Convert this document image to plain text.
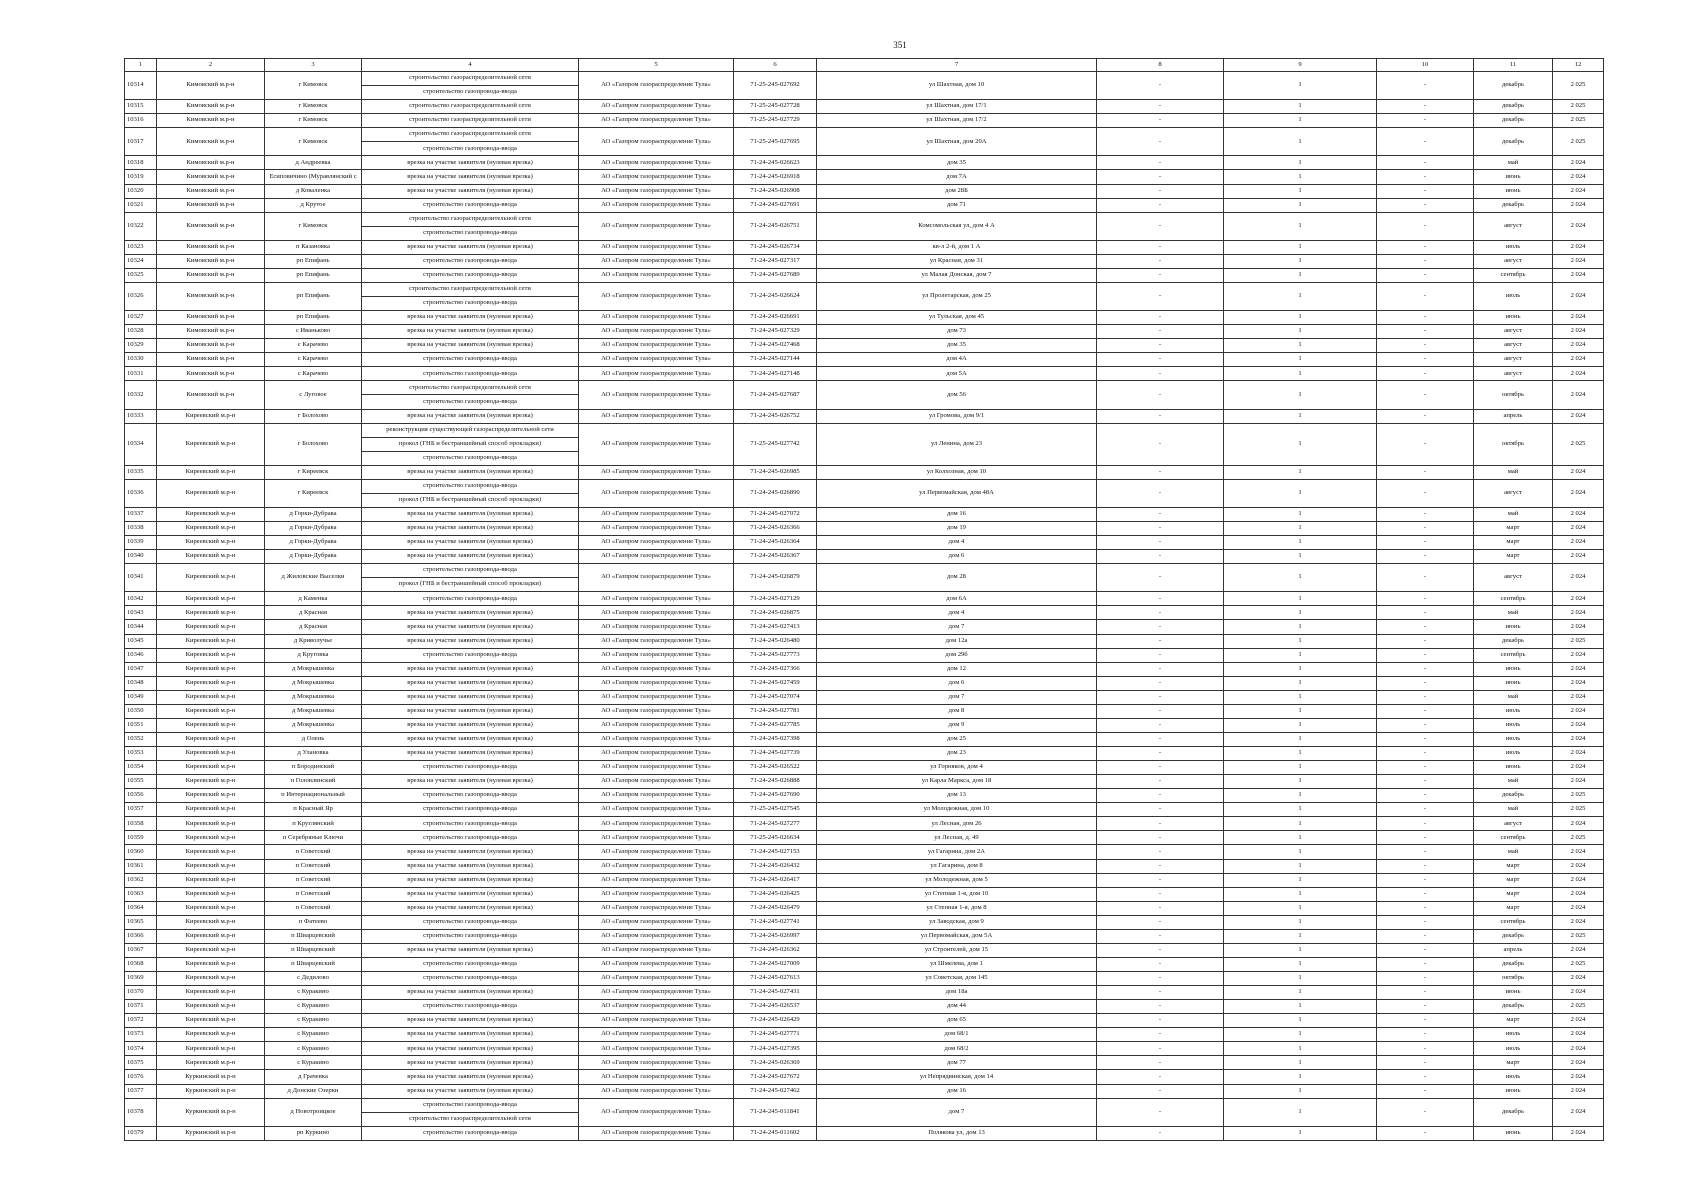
351
1	2	3	4	5	6	7	8	9	10	11	12
10314	Кимовский м.р-н	г Кимовск	строительство газораспределительной сети	АО «Газпром газораспределение Тула»	71-25-245-027692	ул Шахтная, дом 10	-	1	-	декабрь	2 025
			строительство газопровода-ввода								
10315	Кимовский м.р-н	г Кимовск	строительство газораспределительной сети	АО «Газпром газораспределение Тула»	71-25-245-027728	ул Шахтная, дом 17/1	-	1	-	декабрь	2 025
10316	Кимовский м.р-н	г Кимовск	строительство газораспределительной сети	АО «Газпром газораспределение Тула»	71-25-245-027729	ул Шахтная, дом 17/2	-	1	-	декабрь	2 025
10317	Кимовский м.р-н	г Кимовск	строительство газораспределительной сети	АО «Газпром газораспределение Тула»	71-25-245-027695	ул Шахтная, дом 20А	-	1	-	декабрь	2 025
			строительство газопровода-ввода								
10318	Кимовский м.р-н	д Андреевка	врезка на участке заявителя (нулевая врезка)	АО «Газпром газораспределение Тула»	71-24-245-026623	дом 35	-	1	-	май	2 024
10319	Кимовский м.р-н	Есиповичино (Муравлянский с	врезка на участке заявителя (нулевая врезка)	АО «Газпром газораспределение Тула»	71-24-245-026918	дом 7А	-	1	-	июнь	2 024
10320	Кимовский м.р-н	д Коваленка	врезка на участке заявителя (нулевая врезка)	АО «Газпром газораспределение Тула»	71-24-245-026908	дом 28Б	-	1	-	июнь	2 024
10321	Кимовский м.р-н	д Крутое	строительство газопровода-ввода	АО «Газпром газораспределение Тула»	71-24-245-027691	дом 71	-	1	-	декабрь	2 024
10322	Кимовский м.р-н	г Кимовск	строительство газораспределительной сети	АО «Газпром газораспределение Тула»	71-24-245-026751	Комсомольская ул, дом 4 А	-	1	-	август	2 024
			строительство газопровода-ввода								
10323	Кимовский м.р-н	п Казановка	врезка на участке заявителя (нулевая врезка)	АО «Газпром газораспределение Тула»	71-24-245-026734	кв-л 2-й, дом 1 А	-	1	-	июль	2 024
10324	Кимовский м.р-н	рп Епифань	строительство газопровода-ввода	АО «Газпром газораспределение Тула»	71-24-245-027317	ул Красная, дом 31	-	1	-	август	2 024
10325	Кимовский м.р-н	рп Епифань	строительство газопровода-ввода	АО «Газпром газораспределение Тула»	71-24-245-027689	ул Малая Донская, дом 7	-	1	-	сентябрь	2 024
10326	Кимовский м.р-н	рп Епифань	строительство газораспределительной сети	АО «Газпром газораспределение Тула»	71-24-245-026624	ул Пролетарская, дом 25	-	1	-	июль	2 024
			строительство газопровода-ввода								
10327	Кимовский м.р-н	рп Епифань	врезка на участке заявителя (нулевая врезка)	АО «Газпром газораспределение Тула»	71-24-245-026691	ул Тульская, дом 45	-	1	-	июнь	2 024
10328	Кимовский м.р-н	с Иваньково	врезка на участке заявителя (нулевая врезка)	АО «Газпром газораспределение Тула»	71-24-245-027329	дом 73	-	1	-	август	2 024
10329	Кимовский м.р-н	с Карачево	врезка на участке заявителя (нулевая врезка)	АО «Газпром газораспределение Тула»	71-24-245-027468	дом 35	-	1	-	август	2 024
10330	Кимовский м.р-н	с Карачево	строительство газопровода-ввода	АО «Газпром газораспределение Тула»	71-24-245-027144	дом 4А	-	1	-	август	2 024
10331	Кимовский м.р-н	с Карачево	строительство газопровода-ввода	АО «Газпром газораспределение Тула»	71-24-245-027148	дом 5А	-	1	-	август	2 024
10332	Кимовский м.р-н	с Луговое	строительство газораспределительной сети	АО «Газпром газораспределение Тула»	71-24-245-027687	дом 56	-	1	-	октябрь	2 024
			строительство газопровода-ввода								
10333	Киреевский м.р-н	г Болохово	врезка на участке заявителя (нулевая врезка)	АО «Газпром газораспределение Тула»	71-24-245-026752	ул Громова, дом 9/1	-	1	-	апрель	2 024
10334	Киреевский м.р-н	г Болохово	реконструкция существующей газораспределительной сети	АО «Газпром газораспределение Тула»	71-25-245-027742	ул Ленина, дом 23	-	1	-	октябрь	2 025
			прокол (ГНБ и бестраншейный способ прокладки)								
			строительство газопровода-ввода								
10335	Киреевский м.р-н	г Киреевск	врезка на участке заявителя (нулевая врезка)	АО «Газпром газораспределение Тула»	71-24-245-026985	ул Колхозная, дом 10	-	1	-	май	2 024
10336	Киреевский м.р-н	г Киреевск	строительство газопровода-ввода	АО «Газпром газораспределение Тула»	71-24-245-026890	ул Первомайская, дом 48А	-	1	-	август	2 024
			прокол (ГНБ и бестраншейный способ прокладки)								
10337	Киреевский м.р-н	д Горки-Дубрава	врезка на участке заявителя (нулевая врезка)	АО «Газпром газораспределение Тула»	71-24-245-027072	дом 16	-	1	-	май	2 024
10338	Киреевский м.р-н	д Горки-Дубрава	врезка на участке заявителя (нулевая врезка)	АО «Газпром газораспределение Тула»	71-24-245-026366	дом 19	-	1	-	март	2 024
10339	Киреевский м.р-н	д Горки-Дубрава	врезка на участке заявителя (нулевая врезка)	АО «Газпром газораспределение Тула»	71-24-245-026364	дом 4	-	1	-	март	2 024
10340	Киреевский м.р-н	д Горки-Дубрава	врезка на участке заявителя (нулевая врезка)	АО «Газпром газораспределение Тула»	71-24-245-026367	дом 6	-	1	-	март	2 024
10341	Киреевский м.р-н	д Жиловские Выселки	строительство газопровода-ввода	АО «Газпром газораспределение Тула»	71-24-245-026879	дом 28	-	1	-	август	2 024
			прокол (ГНБ и бестраншейный способ прокладки)								
10342	Киреевский м.р-н	д Каменка	строительство газопровода-ввода	АО «Газпром газораспределение Тула»	71-24-245-027129	дом 6А	-	1	-	сентябрь	2 024
10343	Киреевский м.р-н	д Красная	врезка на участке заявителя (нулевая врезка)	АО «Газпром газораспределение Тула»	71-24-245-026875	дом 4	-	1	-	май	2 024
10344	Киреевский м.р-н	д Красная	врезка на участке заявителя (нулевая врезка)	АО «Газпром газораспределение Тула»	71-24-245-027413	дом 7	-	1	-	июнь	2 024
10345	Киреевский м.р-н	д Криволучье	врезка на участке заявителя (нулевая врезка)	АО «Газпром газораспределение Тула»	71-24-245-026480	дом 12а	-	1	-	декабрь	2 025
10346	Киреевский м.р-н	д Круговка	строительство газопровода-ввода	АО «Газпром газораспределение Тула»	71-24-245-027773	дом 29б	-	1	-	сентябрь	2 024
10347	Киреевский м.р-н	д Мокрышевка	врезка на участке заявителя (нулевая врезка)	АО «Газпром газораспределение Тула»	71-24-245-027366	дом 12	-	1	-	июнь	2 024
10348	Киреевский м.р-н	д Мокрышевка	врезка на участке заявителя (нулевая врезка)	АО «Газпром газораспределение Тула»	71-24-245-027459	дом 6	-	1	-	июнь	2 024
10349	Киреевский м.р-н	д Мокрышевка	врезка на участке заявителя (нулевая врезка)	АО «Газпром газораспределение Тула»	71-24-245-027074	дом 7	-	1	-	май	2 024
10350	Киреевский м.р-н	д Мокрышевка	врезка на участке заявителя (нулевая врезка)	АО «Газпром газораспределение Тула»	71-24-245-027781	дом 8	-	1	-	июль	2 024
10351	Киреевский м.р-н	д Мокрышевка	врезка на участке заявителя (нулевая врезка)	АО «Газпром газораспределение Тула»	71-24-245-027785	дом 9	-	1	-	июль	2 024
10352	Киреевский м.р-н	д Олень	врезка на участке заявителя (нулевая врезка)	АО «Газпром газораспределение Тула»	71-24-245-027398	дом 25	-	1	-	июль	2 024
10353	Киреевский м.р-н	д Улановка	врезка на участке заявителя (нулевая врезка)	АО «Газпром газораспределение Тула»	71-24-245-027739	дом 23	-	1	-	июль	2 024
10354	Киреевский м.р-н	п Бородинский	строительство газопровода-ввода	АО «Газпром газораспределение Тула»	71-24-245-026522	ул Горняков, дом 4	-	1	-	июнь	2 024
10355	Киреевский м.р-н	п Головлинский	врезка на участке заявителя (нулевая врезка)	АО «Газпром газораспределение Тула»	71-24-245-026888	ул Карла Маркса, дом 18	-	1	-	май	2 024
10356	Киреевский м.р-н	п Интернациональный	строительство газопровода-ввода	АО «Газпром газораспределение Тула»	71-24-245-027690	дом 13	-	1	-	декабрь	2 025
10357	Киреевский м.р-н	п Красный Яр	строительство газопровода-ввода	АО «Газпром газораспределение Тула»	71-25-245-027545	ул Молодежная, дом 10	-	1	-	май	2 025
10358	Киреевский м.р-н	п Круглянский	строительство газопровода-ввода	АО «Газпром газораспределение Тула»	71-24-245-027277	ул Лесная, дом 26	-	1	-	август	2 024
10359	Киреевский м.р-н	п Серебряные Ключи	строительство газопровода-ввода	АО «Газпром газораспределение Тула»	71-25-245-026634	ул Лесная, д. 49	-	1	-	сентябрь	2 025
10360	Киреевский м.р-н	п Советский	врезка на участке заявителя (нулевая врезка)	АО «Газпром газораспределение Тула»	71-24-245-027153	ул Гагарина, дом 2А	-	1	-	май	2 024
10361	Киреевский м.р-н	п Советский	врезка на участке заявителя (нулевая врезка)	АО «Газпром газораспределение Тула»	71-24-245-026432	ул Гагарина, дом 8	-	1	-	март	2 024
10362	Киреевский м.р-н	п Советский	врезка на участке заявителя (нулевая врезка)	АО «Газпром газораспределение Тула»	71-24-245-026417	ул Молодежная, дом 5	-	1	-	март	2 024
10363	Киреевский м.р-н	п Советский	врезка на участке заявителя (нулевая врезка)	АО «Газпром газораспределение Тула»	71-24-245-026425	ул Степная 1-я, дом 10	-	1	-	март	2 024
10364	Киреевский м.р-н	п Советский	врезка на участке заявителя (нулевая врезка)	АО «Газпром газораспределение Тула»	71-24-245-026479	ул Степная 1-я, дом 8	-	1	-	март	2 024
10365	Киреевский м.р-н	п Фатеево	строительство газопровода-ввода	АО «Газпром газораспределение Тула»	71-24-245-027741	ул Заводская, дом 9	-	1	-	сентябрь	2 024
10366	Киреевский м.р-н	п Шварцевский	строительство газопровода-ввода	АО «Газпром газораспределение Тула»	71-24-245-026997	ул Первомайская, дом 5А	-	1	-	декабрь	2 025
10367	Киреевский м.р-н	п Шварцевский	врезка на участке заявителя (нулевая врезка)	АО «Газпром газораспределение Тула»	71-24-245-026362	ул Строителей, дом 15	-	1	-	апрель	2 024
10368	Киреевский м.р-н	п Шварцевский	строительство газопровода-ввода	АО «Газпром газораспределение Тула»	71-24-245-027009	ул Шмелева, дом 1	-	1	-	декабрь	2 025
10369	Киреевский м.р-н	с Дедилово	строительство газопровода-ввода	АО «Газпром газораспределение Тула»	71-24-245-027613	ул Советская, дом 145	-	1	-	октябрь	2 024
10370	Киреевский м.р-н	с Куракино	врезка на участке заявителя (нулевая врезка)	АО «Газпром газораспределение Тула»	71-24-245-027431	дом 18а	-	1	-	июнь	2 024
10371	Киреевский м.р-н	с Куракино	строительство газопровода-ввода	АО «Газпром газораспределение Тула»	71-24-245-026537	дом 44	-	1	-	декабрь	2 025
10372	Киреевский м.р-н	с Куракино	врезка на участке заявителя (нулевая врезка)	АО «Газпром газораспределение Тула»	71-24-245-026429	дом 65	-	1	-	март	2 024
10373	Киреевский м.р-н	с Куракино	врезка на участке заявителя (нулевая врезка)	АО «Газпром газораспределение Тула»	71-24-245-027771	дом 68/1	-	1	-	июль	2 024
10374	Киреевский м.р-н	с Куракино	врезка на участке заявителя (нулевая врезка)	АО «Газпром газораспределение Тула»	71-24-245-027395	дом 68/2	-	1	-	июль	2 024
10375	Киреевский м.р-н	с Куракино	врезка на участке заявителя (нулевая врезка)	АО «Газпром газораспределение Тула»	71-24-245-026369	дом 77	-	1	-	март	2 024
10376	Куркинский м.р-н	д Грачевка	врезка на участке заявителя (нулевая врезка)	АО «Газпром газораспределение Тула»	71-24-245-027672	ул Непрядвинская, дом 14	-	1	-	июль	2 024
10377	Куркинский м.р-н	д Донские Озерки	врезка на участке заявителя (нулевая врезка)	АО «Газпром газораспределение Тула»	71-24-245-027462	дом 16	-	1	-	июнь	2 024
10378	Куркинский м.р-н	д Новотроицкое	строительство газопровода-ввода	АО «Газпром газораспределение Тула»	71-24-245-011841	дом 7	-	1	-	декабрь	2 024
			строительство газораспределительной сети								
10379	Куркинский м.р-н	рп Куркино	строительство газопровода-ввода	АО «Газпром газораспределение Тула»	71-24-245-011602	Полякова ул, дом 13	-	1	-	июнь	2 024
